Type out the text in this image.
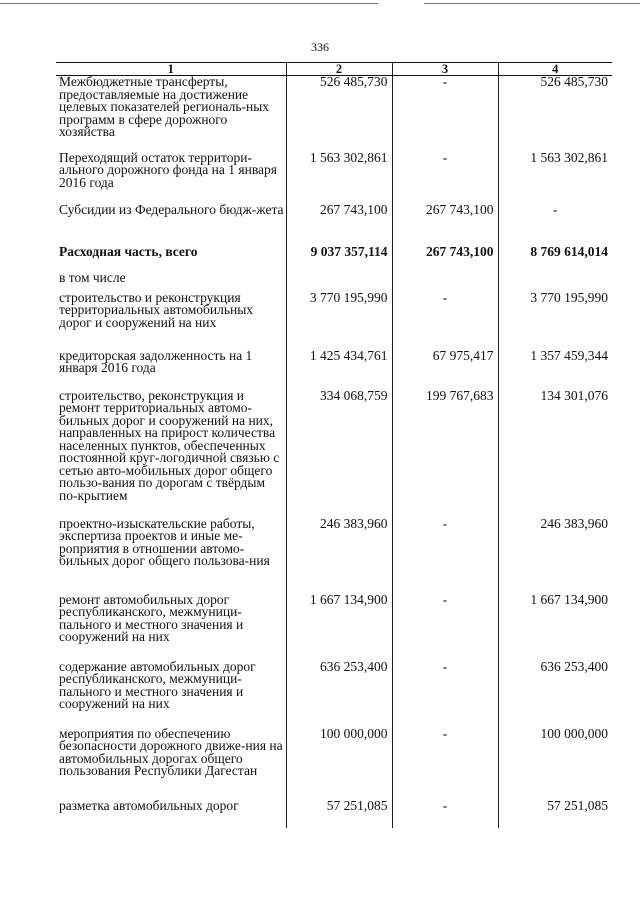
336
1	2	3	4
Межбюджетные трансферты, предоставляемые на достижение целевых показателей региональ-ных программ в сфере дорожного хозяйства	526 485,730	-	526 485,730
Переходящий остаток территори-ального дорожного фонда на 1 января 2016 года	1 563 302,861	-	1 563 302,861
Субсидии из Федерального бюдж-жета	267 743,100	267 743,100	-
Расходная часть, всего	9 037 357,114	267 743,100	8 769 614,014
в том числе			
строительство и реконструкция территориальных автомобильных дорог и сооружений на них	3 770 195,990	-	3 770 195,990
кредиторская задолженность на 1 января 2016 года	1 425 434,761	67 975,417	1 357 459,344
строительство, реконструкция и ремонт территориальных автомо-бильных дорог и сооружений на них, направленных на прирост количества населенных пунктов, обеспеченных постоянной круг-логодичной связью с сетью авто-мобильных дорог общего пользо-вания по дорогам с твёрдым по-крытием	334 068,759	199 767,683	134 301,076
проектно-изыскательские работы, экспертиза проектов и иные ме-роприятия в отношении автомо-бильных дорог общего пользова-ния	246 383,960	-	246 383,960
ремонт автомобильных дорог республиканского, межмуници-пального и местного значения и сооружений на них	1 667 134,900	-	1 667 134,900
содержание автомобильных дорог республиканского, межмуници-пального и местного значения и сооружений на них	636 253,400	-	636 253,400
мероприятия по обеспечению безопасности дорожного движе-ния на автомобильных дорогах общего пользования Республики Дагестан	100 000,000	-	100 000,000
разметка автомобильных дорог	57 251,085	-	57 251,085
